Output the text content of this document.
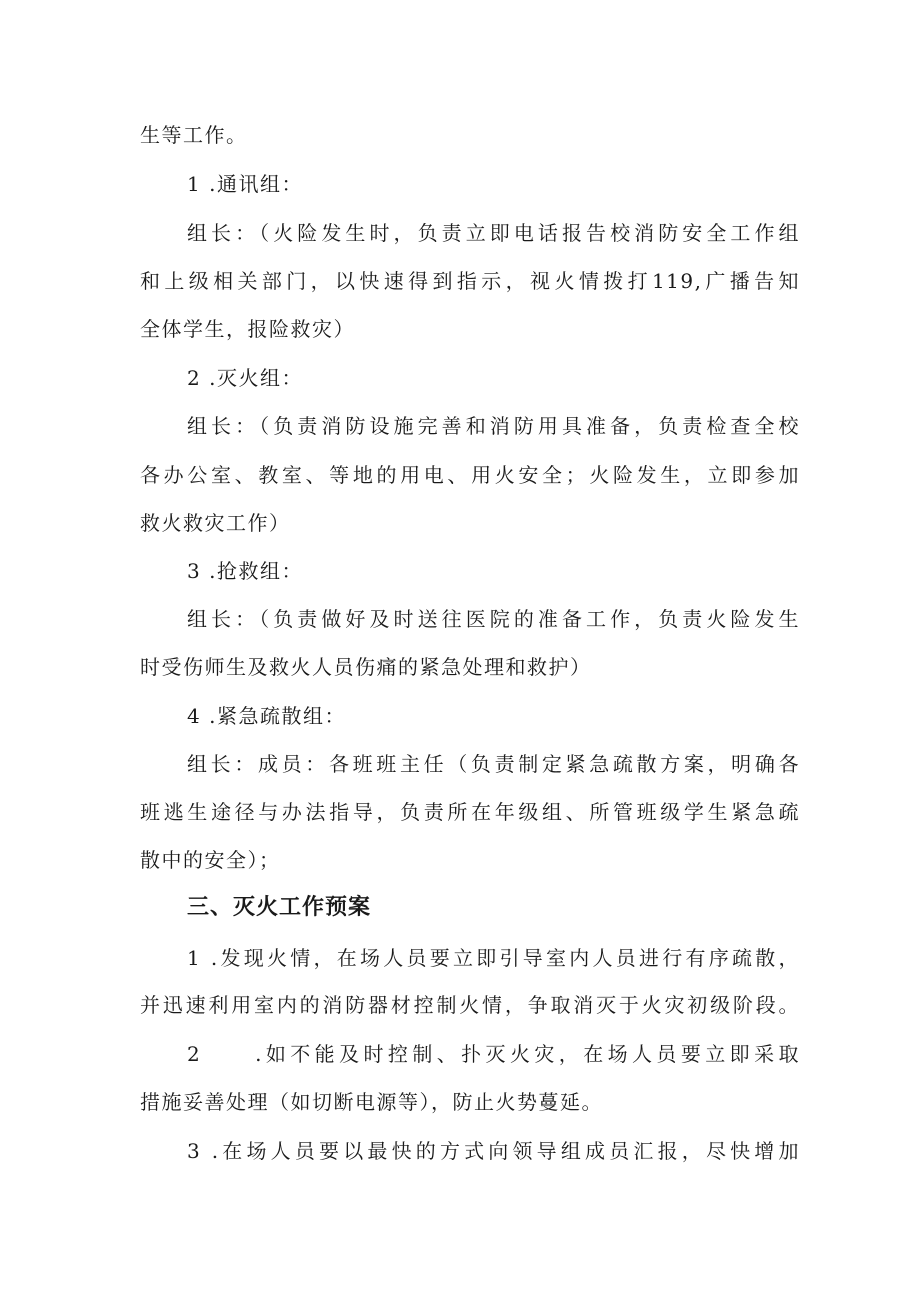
生等工作。
1 .通讯组：
组长：（火险发生时，负责立即电话报告校消防安全工作组
和上级相关部门，以快速得到指示，视火情拨打119,广播告知
全体学生，报险救灾）
2 .灭火组：
组长：（负责消防设施完善和消防用具准备，负责检查全校
各办公室、教室、等地的用电、用火安全；火险发生，立即参加
救火救灾工作）
3 .抢救组：
组长：（负责做好及时送往医院的准备工作，负责火险发生
时受伤师生及救火人员伤痛的紧急处理和救护）
4 .紧急疏散组：
组长：成员：各班班主任（负责制定紧急疏散方案，明确各
班逃生途径与办法指导，负责所在年级组、所管班级学生紧急疏
散中的安全）；
三、灭火工作预案
1 .发现火情，在场人员要立即引导室内人员进行有序疏散，
并迅速利用室内的消防器材控制火情，争取消灭于火灾初级阶段。
2     .如不能及时控制、扑灭火灾，在场人员要立即采取
措施妥善处理（如切断电源等），防止火势蔓延。
3 .在场人员要以最快的方式向领导组成员汇报，尽快增加
